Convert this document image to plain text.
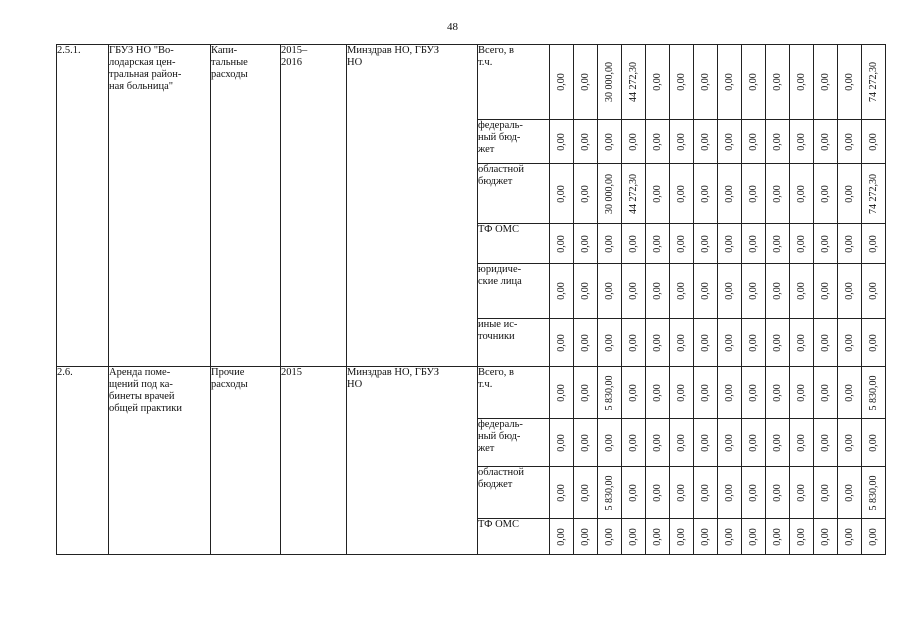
48
2.5.1.	ГБУЗ НО "Во-
лодарская цен-
тральная район-
ная больница"	Капи-
тальные
расходы	2015–
2016	Минздрав НО, ГБУЗ
НО	Всего, в
т.ч.	0,00	0,00	30 000,00	44 272,30	0,00	0,00	0,00	0,00	0,00	0,00	0,00	0,00	0,00	74 272,30

					федераль-
ный бюд-
жет	0,00	0,00	0,00	0,00	0,00	0,00	0,00	0,00	0,00	0,00	0,00	0,00	0,00	0,00

					областной
бюджет	0,00	0,00	30 000,00	44 272,30	0,00	0,00	0,00	0,00	0,00	0,00	0,00	0,00	0,00	74 272,30

					ТФ ОМС	0,00	0,00	0,00	0,00	0,00	0,00	0,00	0,00	0,00	0,00	0,00	0,00	0,00	0,00

					юридиче-
ские лица	0,00	0,00	0,00	0,00	0,00	0,00	0,00	0,00	0,00	0,00	0,00	0,00	0,00	0,00

					иные ис-
точники	0,00	0,00	0,00	0,00	0,00	0,00	0,00	0,00	0,00	0,00	0,00	0,00	0,00	0,00

2.6.	Аренда поме-
щений под ка-
бинеты врачей
общей практики	Прочие
расходы	2015	Минздрав НО, ГБУЗ
НО	Всего, в
т.ч.	0,00	0,00	5 830,00	0,00	0,00	0,00	0,00	0,00	0,00	0,00	0,00	0,00	0,00	5 830,00

					федераль-
ный бюд-
жет	0,00	0,00	0,00	0,00	0,00	0,00	0,00	0,00	0,00	0,00	0,00	0,00	0,00	0,00

					областной
бюджет	0,00	0,00	5 830,00	0,00	0,00	0,00	0,00	0,00	0,00	0,00	0,00	0,00	0,00	5 830,00

					ТФ ОМС	0,00	0,00	0,00	0,00	0,00	0,00	0,00	0,00	0,00	0,00	0,00	0,00	0,00	0,00
